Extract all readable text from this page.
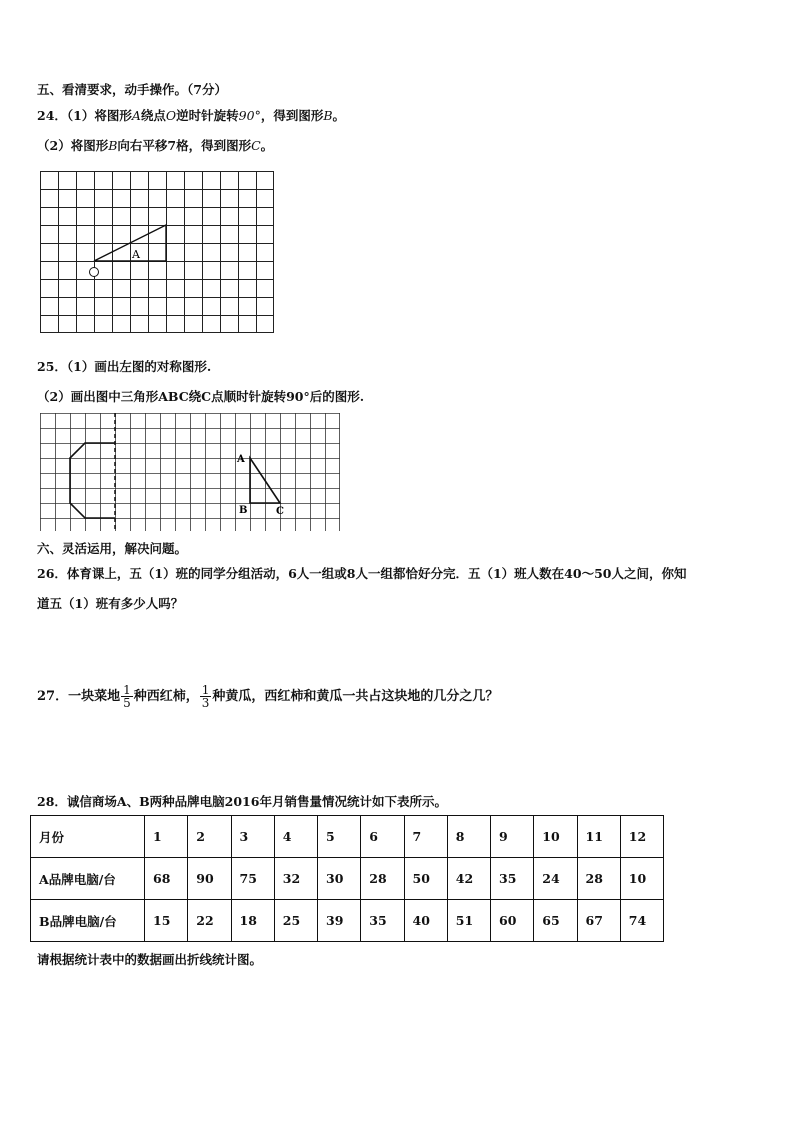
五、看清要求，动手操作。（7分）
24．（1）将图形A绕点O逆时针旋转90°，得到图形B。
（2）将图形B向右平移7格，得到图形C。
A
25．（1）画出左图的对称图形.
（2）画出图中三角形ABC绕C点顺时针旋转90°后的图形.
A
B	C
六、灵活运用，解决问题。
26．体育课上，五（1）班的同学分组活动，6人一组或8人一组都恰好分完．五（1）班人数在40～50人之间，你知
道五（1）班有多少人吗？
27．一块菜地 $\frac{1}{5}$ 种西红柿， $\frac{1}{3}$ 种黄瓜，西红柿和黄瓜一共占这块地的几分之几？
28．诚信商场A、B两种品牌电脑2016年月销售量情况统计如下表所示。
月份	1	2	3	4	5	6	7	8	9	10	11	12
A品牌电脑/台	68	90	75	32	30	28	50	42	35	24	28	10
B品牌电脑/台	15	22	18	25	39	35	40	51	60	65	67	74
请根据统计表中的数据画出折线统计图。
